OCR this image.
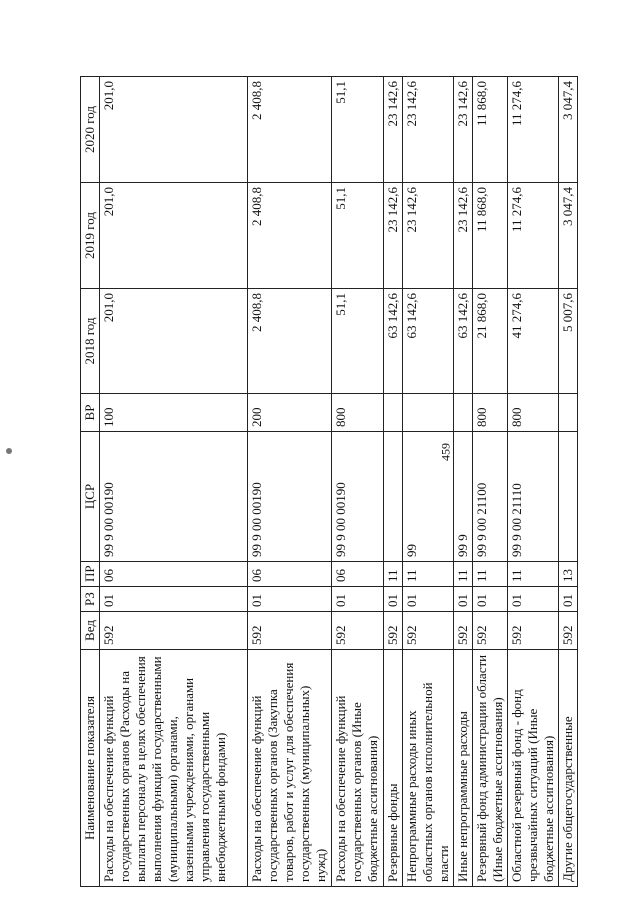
459
Наименование показателя	Вед	РЗ	ПР	ЦСР	ВР	2018 год	2019 год	2020 год
Расходы на обеспечение функций государственных органов (Расходы на выплаты персоналу в целях обеспечения выполнения функций государственными (муниципальными) органами, казенными учреждениями, органами управления государственными внебюджетными фондами)	592	01	06	99 9 00 00190	100	201,0	201,0	201,0
Расходы на обеспечение функций государственных органов (Закупка товаров, работ и услуг для обеспечения государственных (муниципальных) нужд)	592	01	06	99 9 00 00190	200	2 408,8	2 408,8	2 408,8
Расходы на обеспечение функций государственных органов (Иные бюджетные ассигнования)	592	01	06	99 9 00 00190	800	51,1	51,1	51,1
Резервные фонды	592	01	11			63 142,6	23 142,6	23 142,6
Непрограммные расходы иных областных органов исполнительной власти	592	01	11	99		63 142,6	23 142,6	23 142,6
Иные непрограммные расходы	592	01	11	99 9		63 142,6	23 142,6	23 142,6
Резервный фонд администрации области (Иные бюджетные ассигнования)	592	01	11	99 9 00 21100	800	21 868,0	11 868,0	11 868,0
Областной резервный фонд - фонд чрезвычайных ситуаций (Иные бюджетные ассигнования)	592	01	11	99 9 00 21110	800	41 274,6	11 274,6	11 274,6
Другие общегосударственные	592	01	13			5 007,6	3 047,4	3 047,4
